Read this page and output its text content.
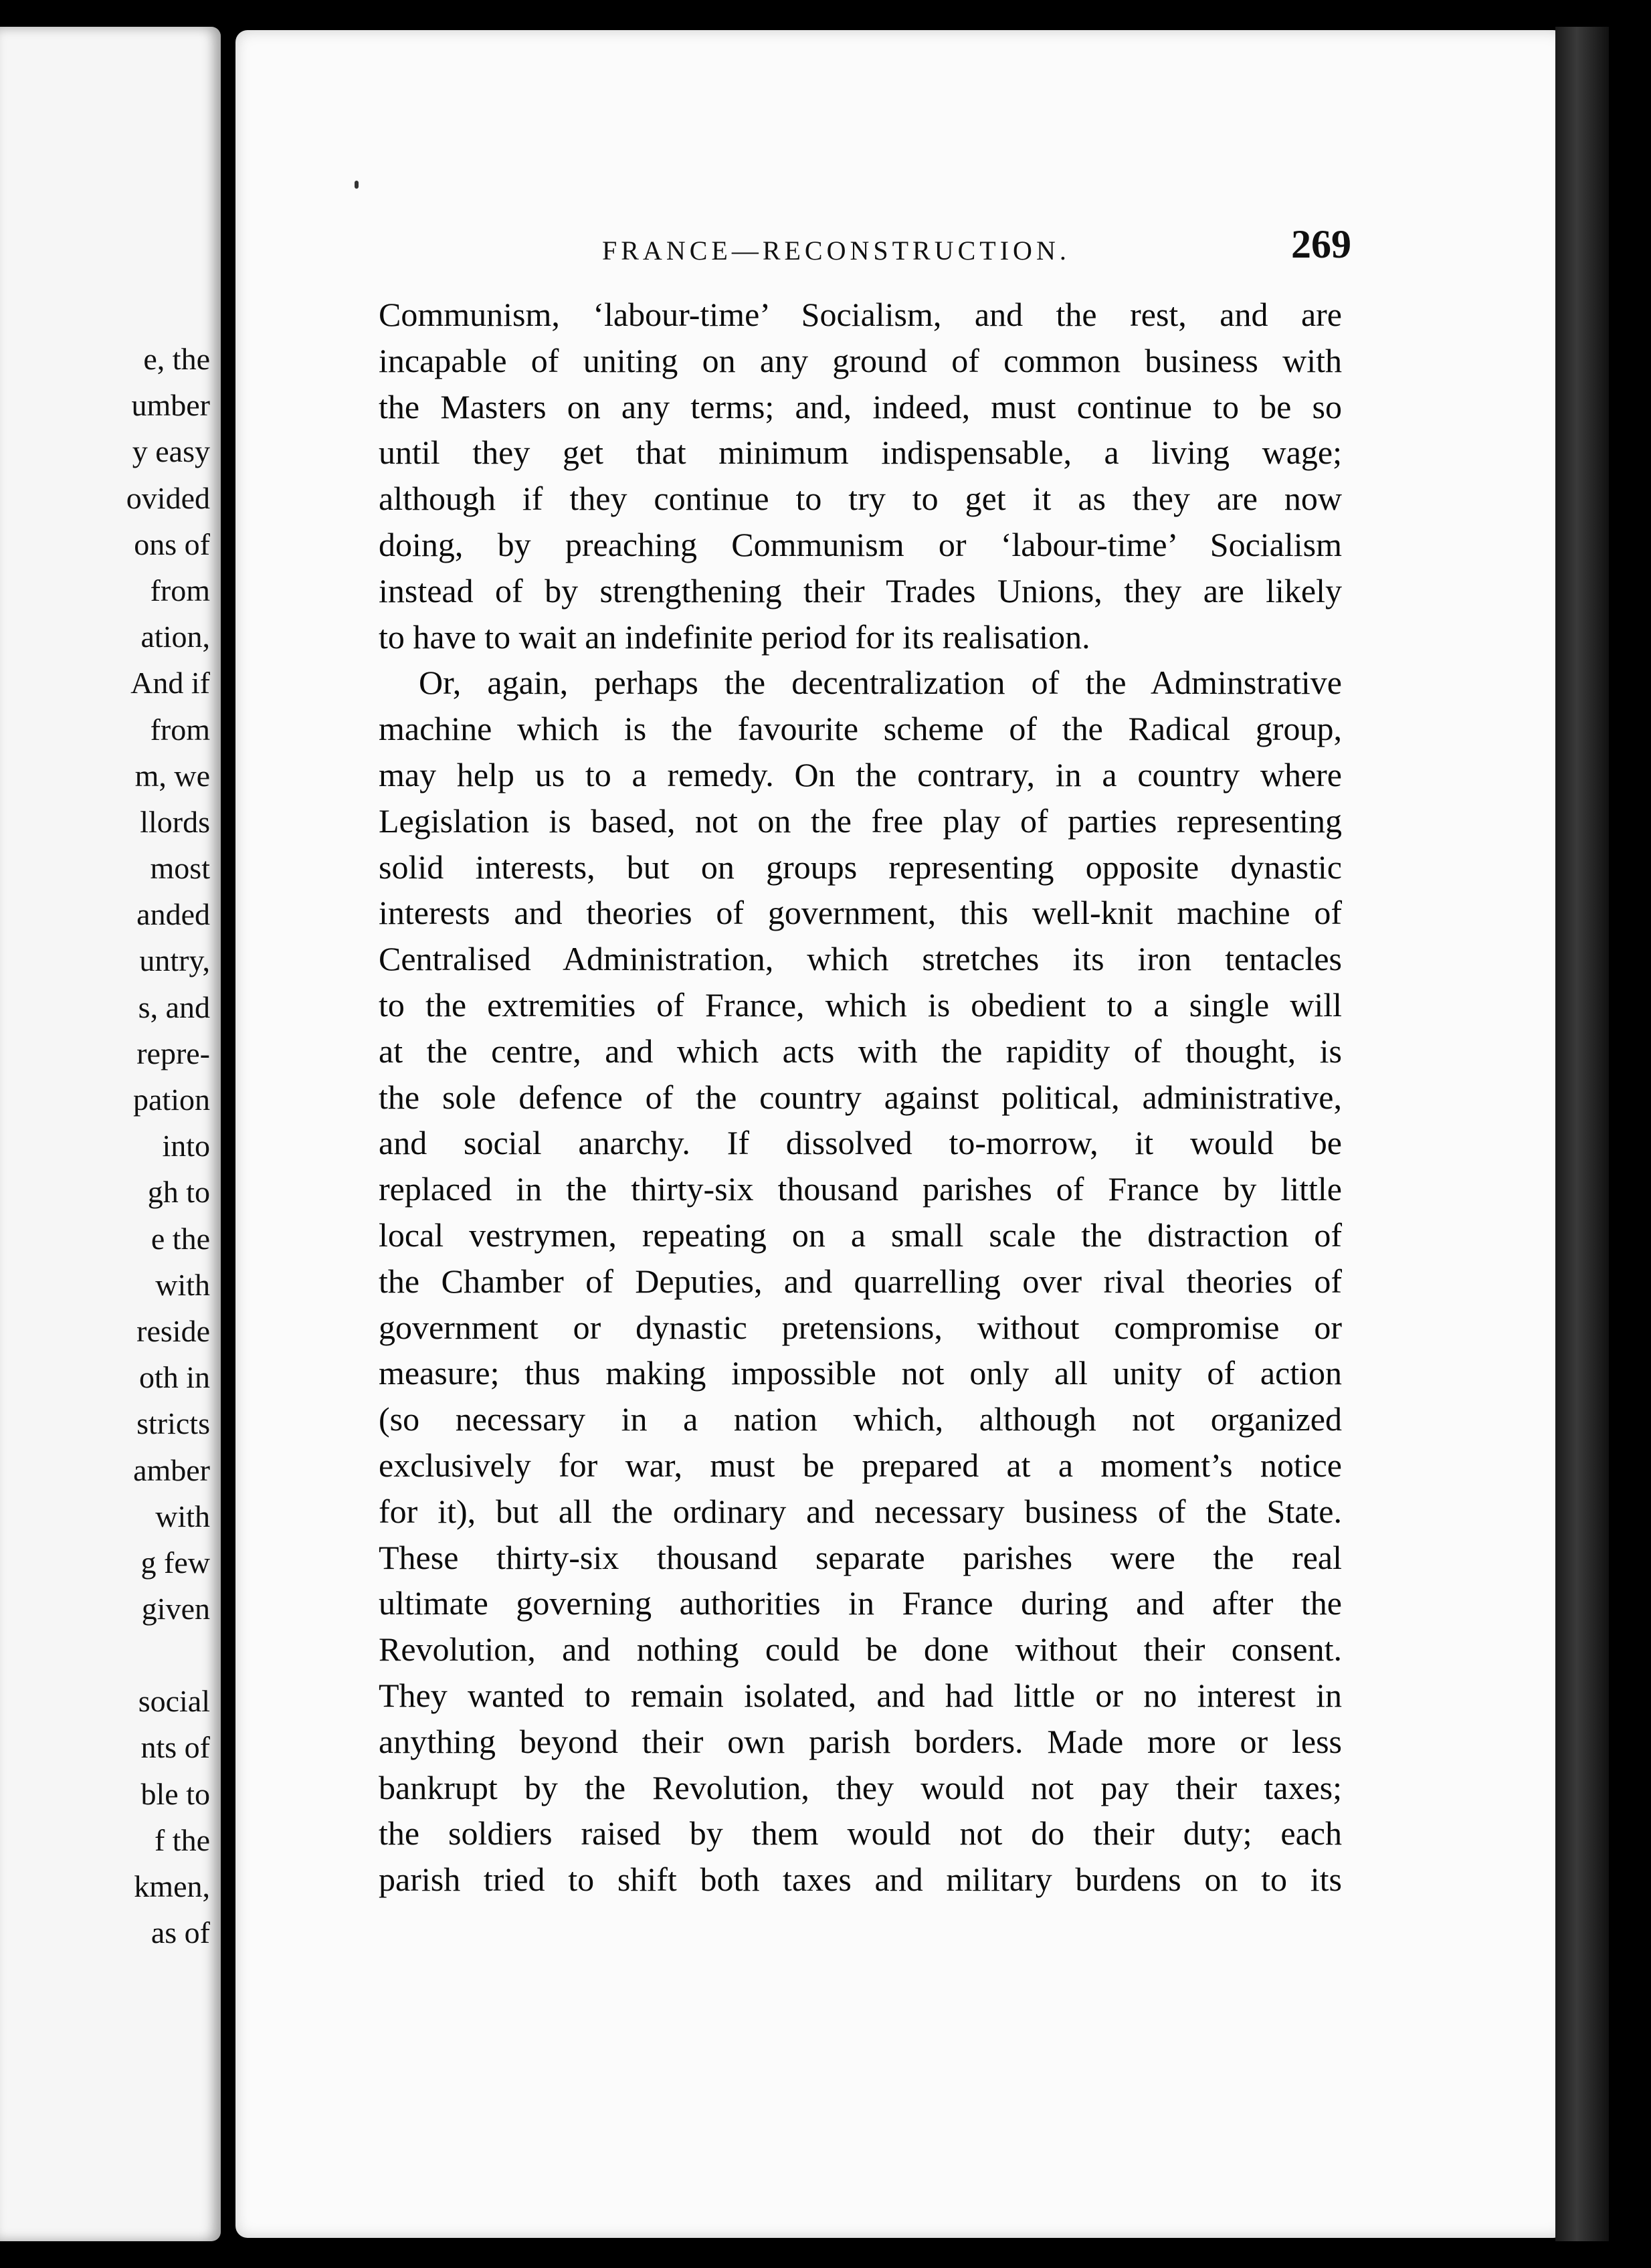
e, the
umber
y easy
ovided
ons of
from
ation,
And if
from
m, we
llords
most
anded
untry,
s, and
repre-
pation
into
gh to
e the
with
reside
oth in
stricts
amber
with
g few
given
social
nts of
ble to
f the
kmen,
as of
FRANCE—RECONSTRUCTION.	269
Communism, ‘labour-time’ Socialism, and the rest, and are
incapable of uniting on any ground of common business with
the Masters on any terms; and, indeed, must continue to be so
until they get that minimum indispensable, a living wage;
although if they continue to try to get it as they are now
doing, by preaching Communism or ‘labour-time’ Socialism
instead of by strengthening their Trades Unions, they are likely
to have to wait an indefinite period for its realisation.
Or, again, perhaps the decentralization of the Adminstrative
machine which is the favourite scheme of the Radical group,
may help us to a remedy. On the contrary, in a country where
Legislation is based, not on the free play of parties representing
solid interests, but on groups representing opposite dynastic
interests and theories of government, this well-knit machine of
Centralised Administration, which stretches its iron tentacles
to the extremities of France, which is obedient to a single will
at the centre, and which acts with the rapidity of thought, is
the sole defence of the country against political, administrative,
and social anarchy. If dissolved to-morrow, it would be
replaced in the thirty-six thousand parishes of France by little
local vestrymen, repeating on a small scale the distraction of
the Chamber of Deputies, and quarrelling over rival theories of
government or dynastic pretensions, without compromise or
measure; thus making impossible not only all unity of action
(so necessary in a nation which, although not organized
exclusively for war, must be prepared at a moment’s notice
for it), but all the ordinary and necessary business of the State.
These thirty-six thousand separate parishes were the real
ultimate governing authorities in France during and after the
Revolution, and nothing could be done without their consent.
They wanted to remain isolated, and had little or no interest in
anything beyond their own parish borders. Made more or less
bankrupt by the Revolution, they would not pay their taxes;
the soldiers raised by them would not do their duty; each
parish tried to shift both taxes and military burdens on to its
